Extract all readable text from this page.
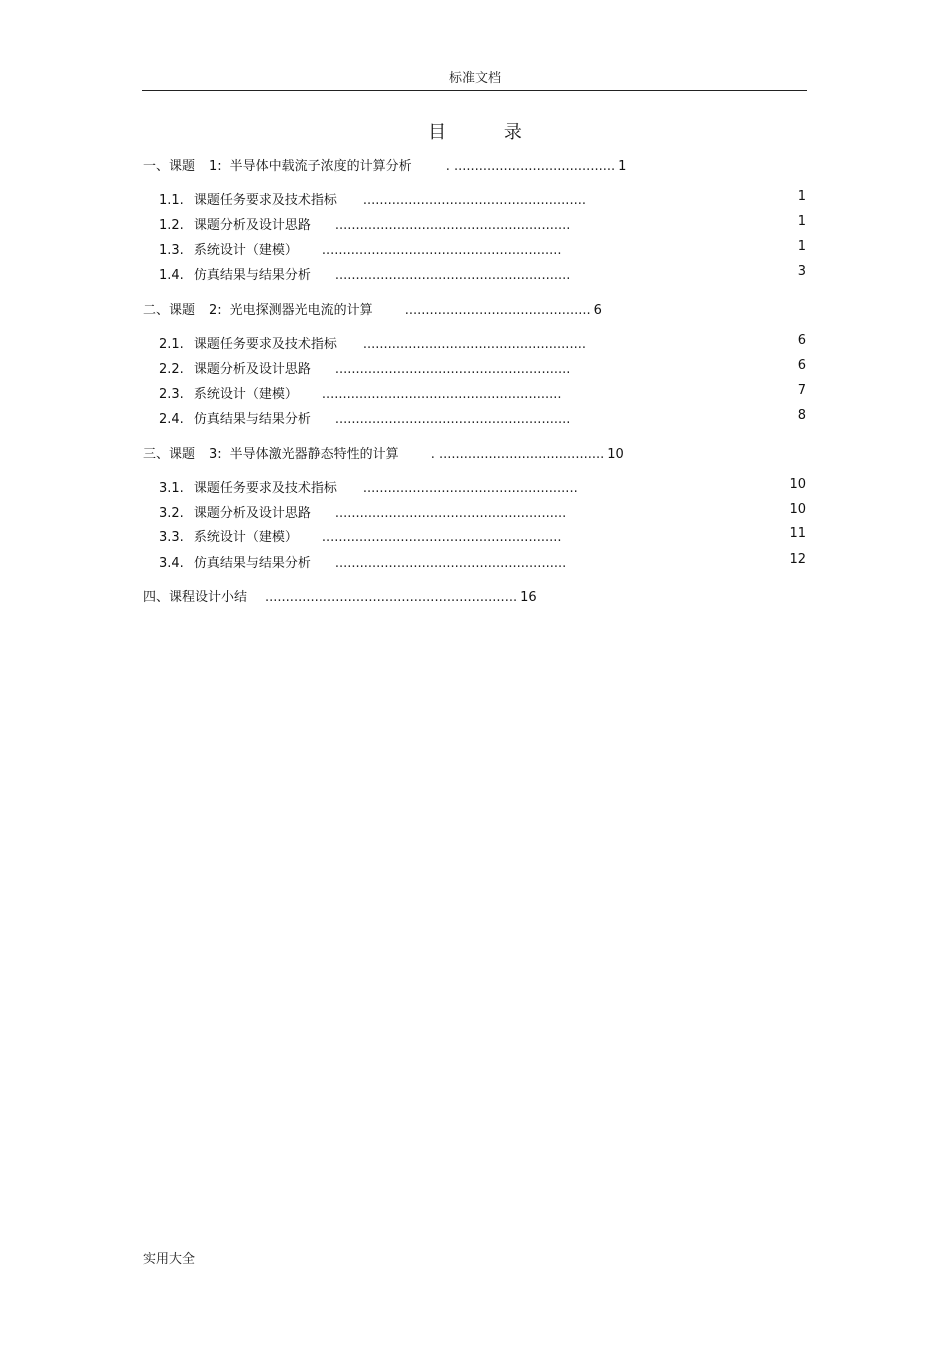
标准文档
目 录
一、课题 1: 半导体中载流子浓度的计算分析	. ....................................... 1
1.1. 课题任务要求及技术指标 ......................................................	1
1.2. 课题分析及设计思路 .........................................................	1
1.3. 系统设计（建模） ..........................................................	1
1.4. 仿真结果与结果分析 .........................................................	3
二、课题 2: 光电探测器光电流的计算 ............................................. 6
2.1. 课题任务要求及技术指标 ......................................................	6
2.2. 课题分析及设计思路 .........................................................	6
2.3. 系统设计（建模） ..........................................................	7
2.4. 仿真结果与结果分析 .........................................................	8
三、课题 3: 半导体激光器静态特性的计算 . ........................................ 10
3.1. 课题任务要求及技术指标 ....................................................	10
3.2. 课题分析及设计思路 ........................................................	10
3.3. 系统设计（建模） ..........................................................	11
3.4. 仿真结果与结果分析 ........................................................	12
四、课程设计小结 ............................................................. 16
实用大全
